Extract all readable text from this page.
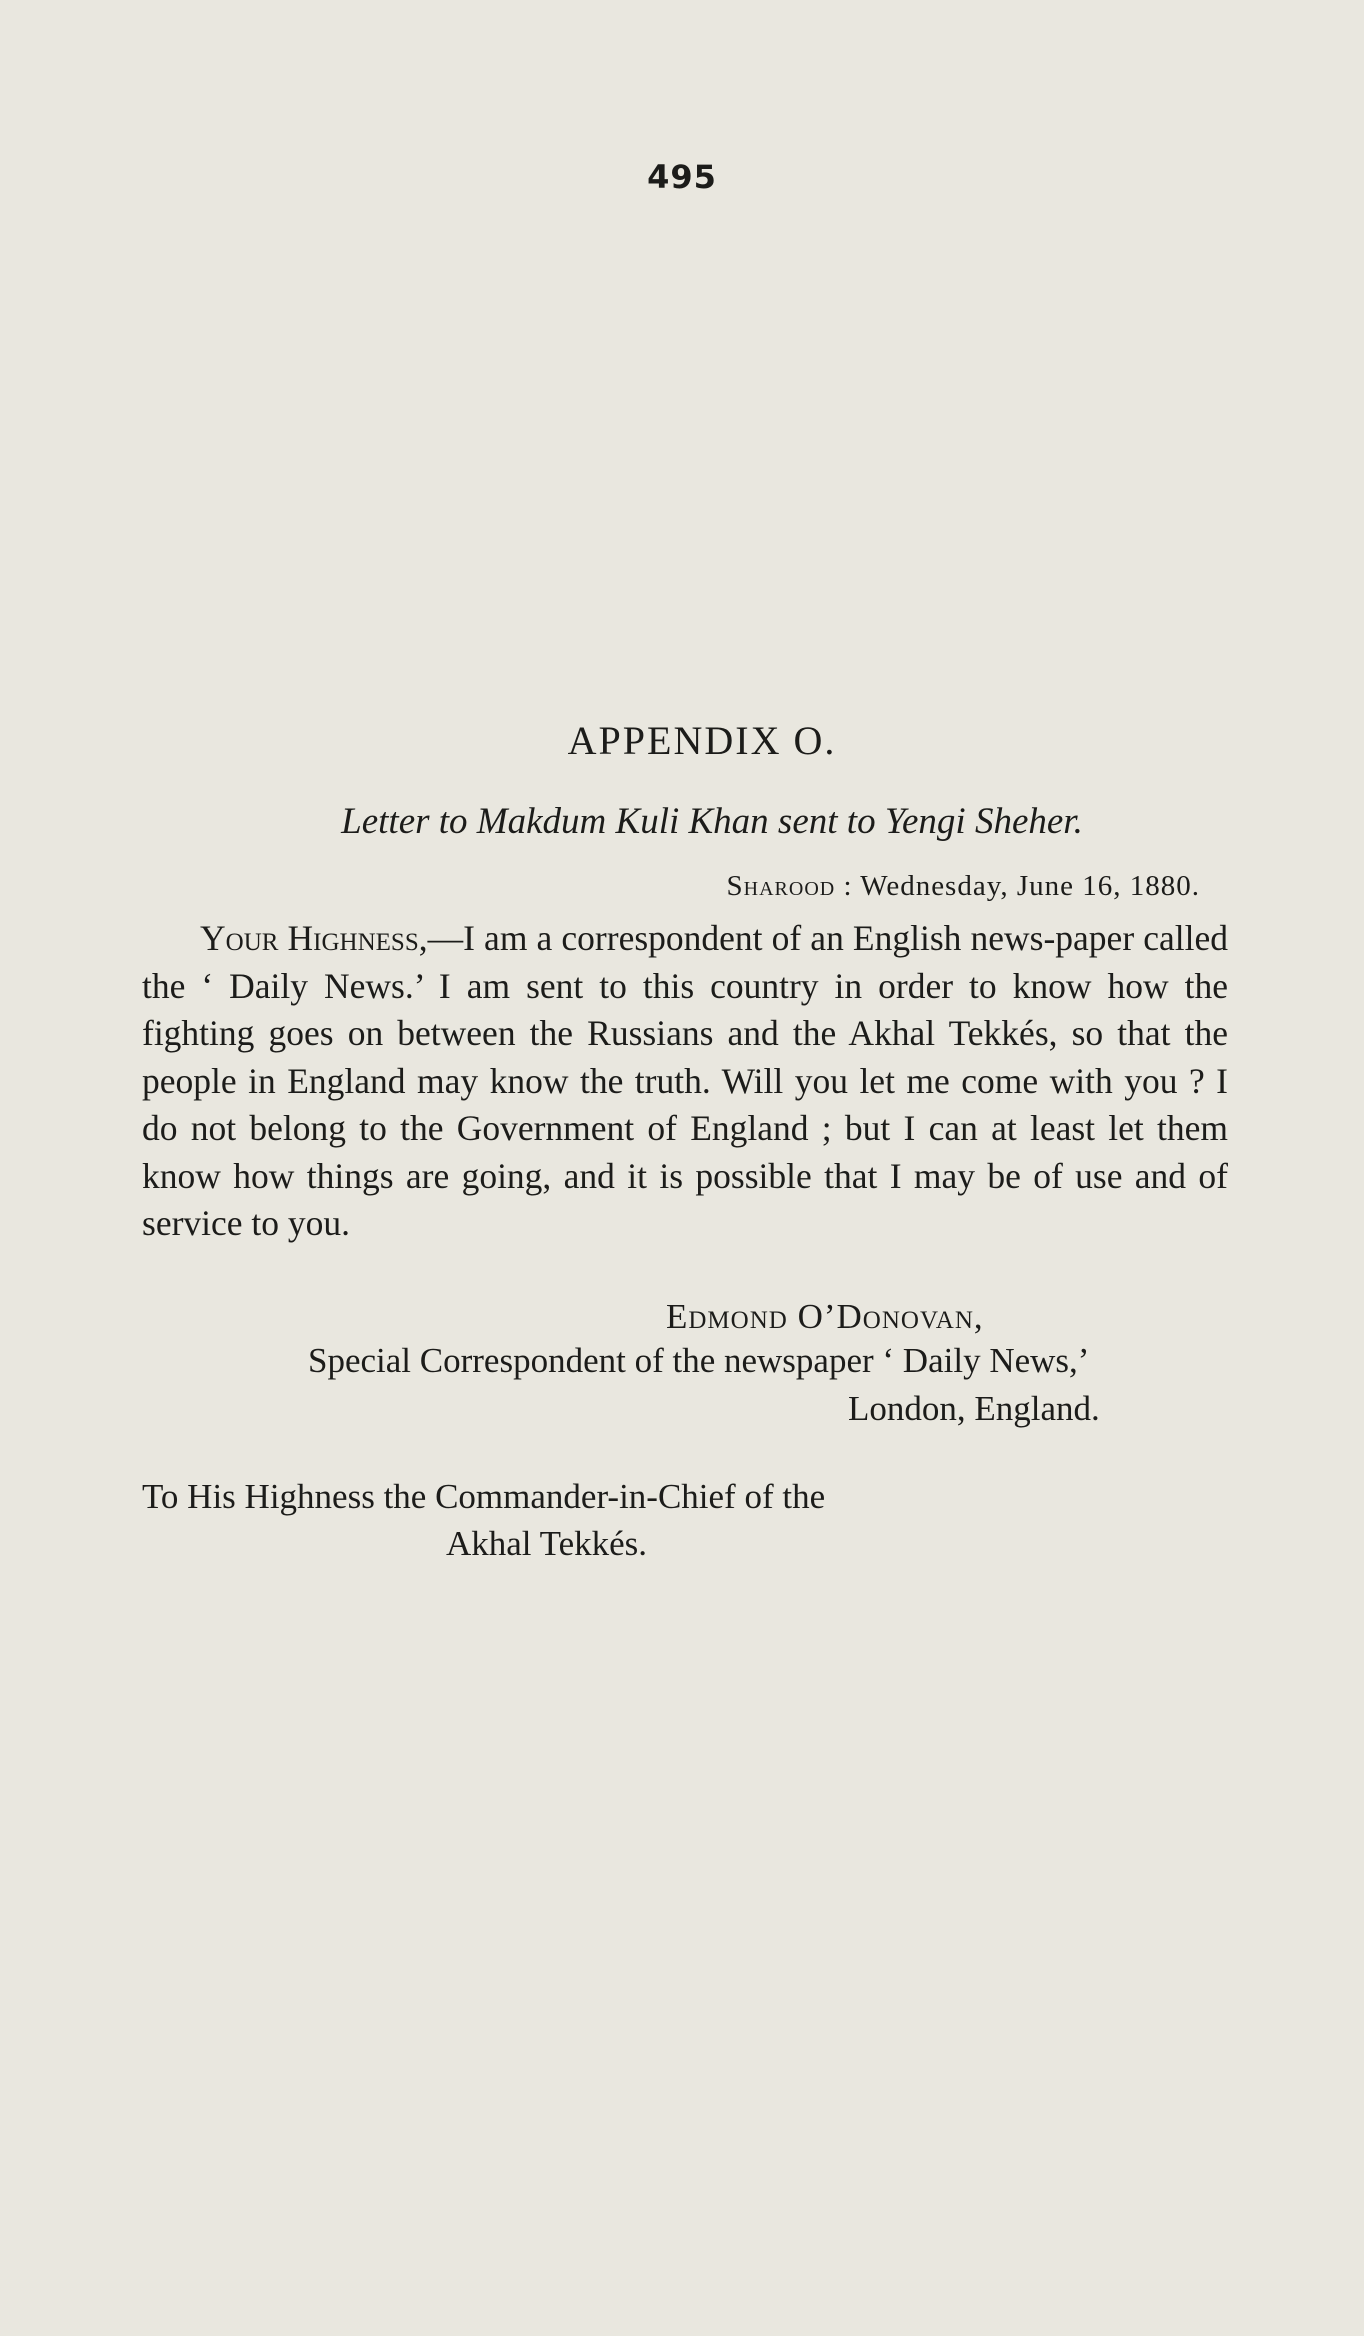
495
APPENDIX O.
Letter to Makdum Kuli Khan sent to Yengi Sheher.
Sharood : Wednesday, June 16, 1880.
Your Highness,—I am a correspondent of an English news-paper called the ‘ Daily News.’ I am sent to this country in order to know how the fighting goes on between the Russians and the Akhal Tekkés, so that the people in England may know the truth. Will you let me come with you ? I do not belong to the Government of England ; but I can at least let them know how things are going, and it is possible that I may be of use and of service to you.
Edmond O’Donovan,
Special Correspondent of the newspaper ‘ Daily News,’
London, England.
To His Highness the Commander-in-Chief of the
Akhal Tekkés.
